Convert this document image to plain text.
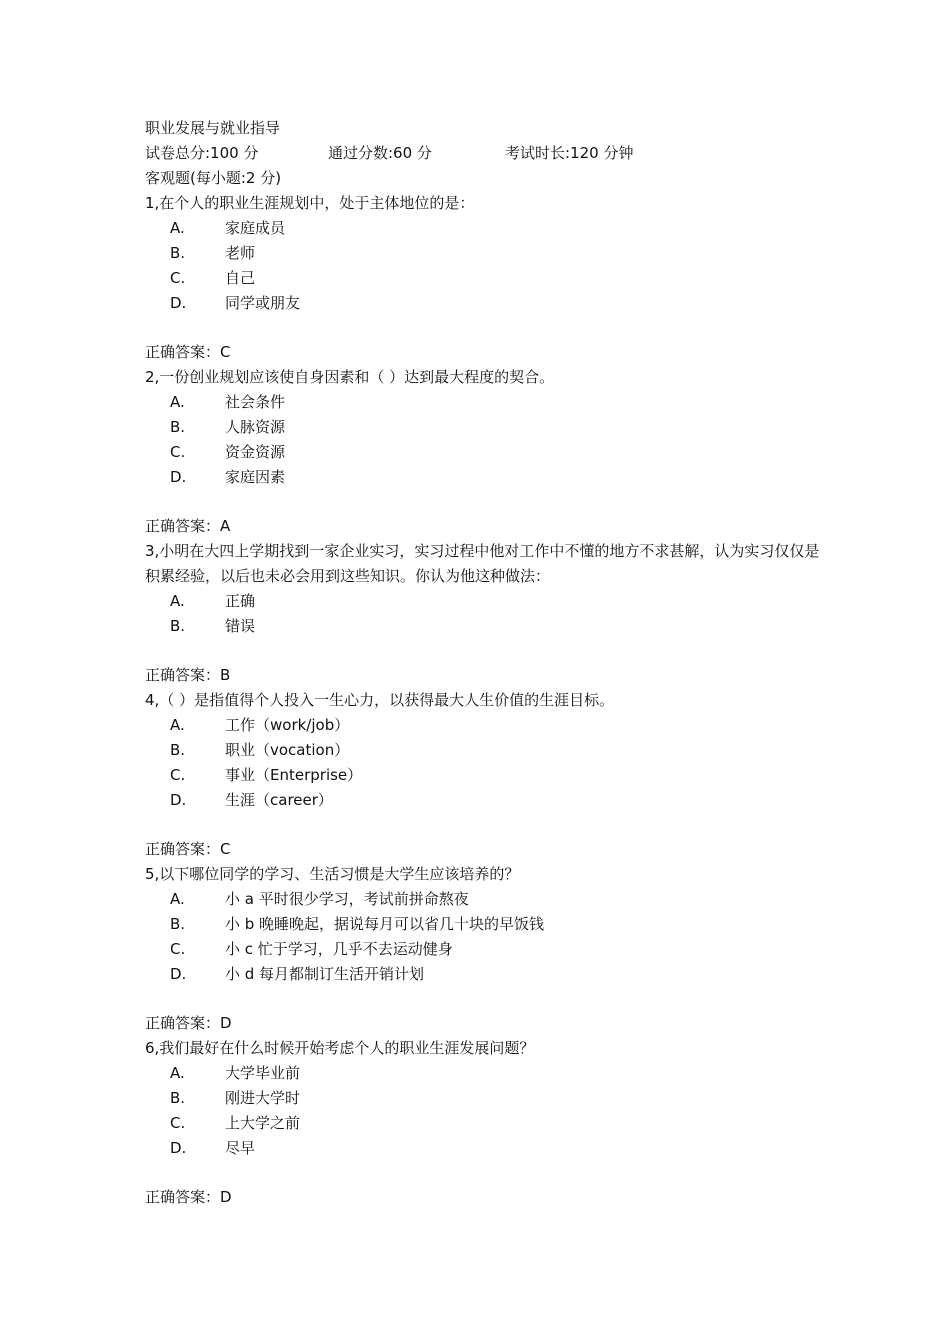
职业发展与就业指导
试卷总分:100 分	通过分数:60 分	考试时长:120 分钟
客观题(每小题:2 分)
1,在个人的职业生涯规划中，处于主体地位的是：
A.	家庭成员
B.	老师
C.	自己
D.	同学或朋友
正确答案：C
2,一份创业规划应该使自身因素和（ ）达到最大程度的契合。
A.	社会条件
B.	人脉资源
C.	资金资源
D.	家庭因素
正确答案：A
3,小明在大四上学期找到一家企业实习，实习过程中他对工作中不懂的地方不求甚解，认为实习仅仅是积累经验，以后也未必会用到这些知识。你认为他这种做法：
A.	正确
B.	错误
正确答案：B
4,（ ）是指值得个人投入一生心力，以获得最大人生价值的生涯目标。
A.	工作（work/job）
B.	职业（vocation）
C.	事业（Enterprise）
D.	生涯（career）
正确答案：C
5,以下哪位同学的学习、生活习惯是大学生应该培养的？
A.	小 a 平时很少学习，考试前拼命熬夜
B.	小 b 晚睡晚起，据说每月可以省几十块的早饭钱
C.	小 c 忙于学习，几乎不去运动健身
D.	小 d 每月都制订生活开销计划
正确答案：D
6,我们最好在什么时候开始考虑个人的职业生涯发展问题？
A.	大学毕业前
B.	刚进大学时
C.	上大学之前
D.	尽早
正确答案：D
